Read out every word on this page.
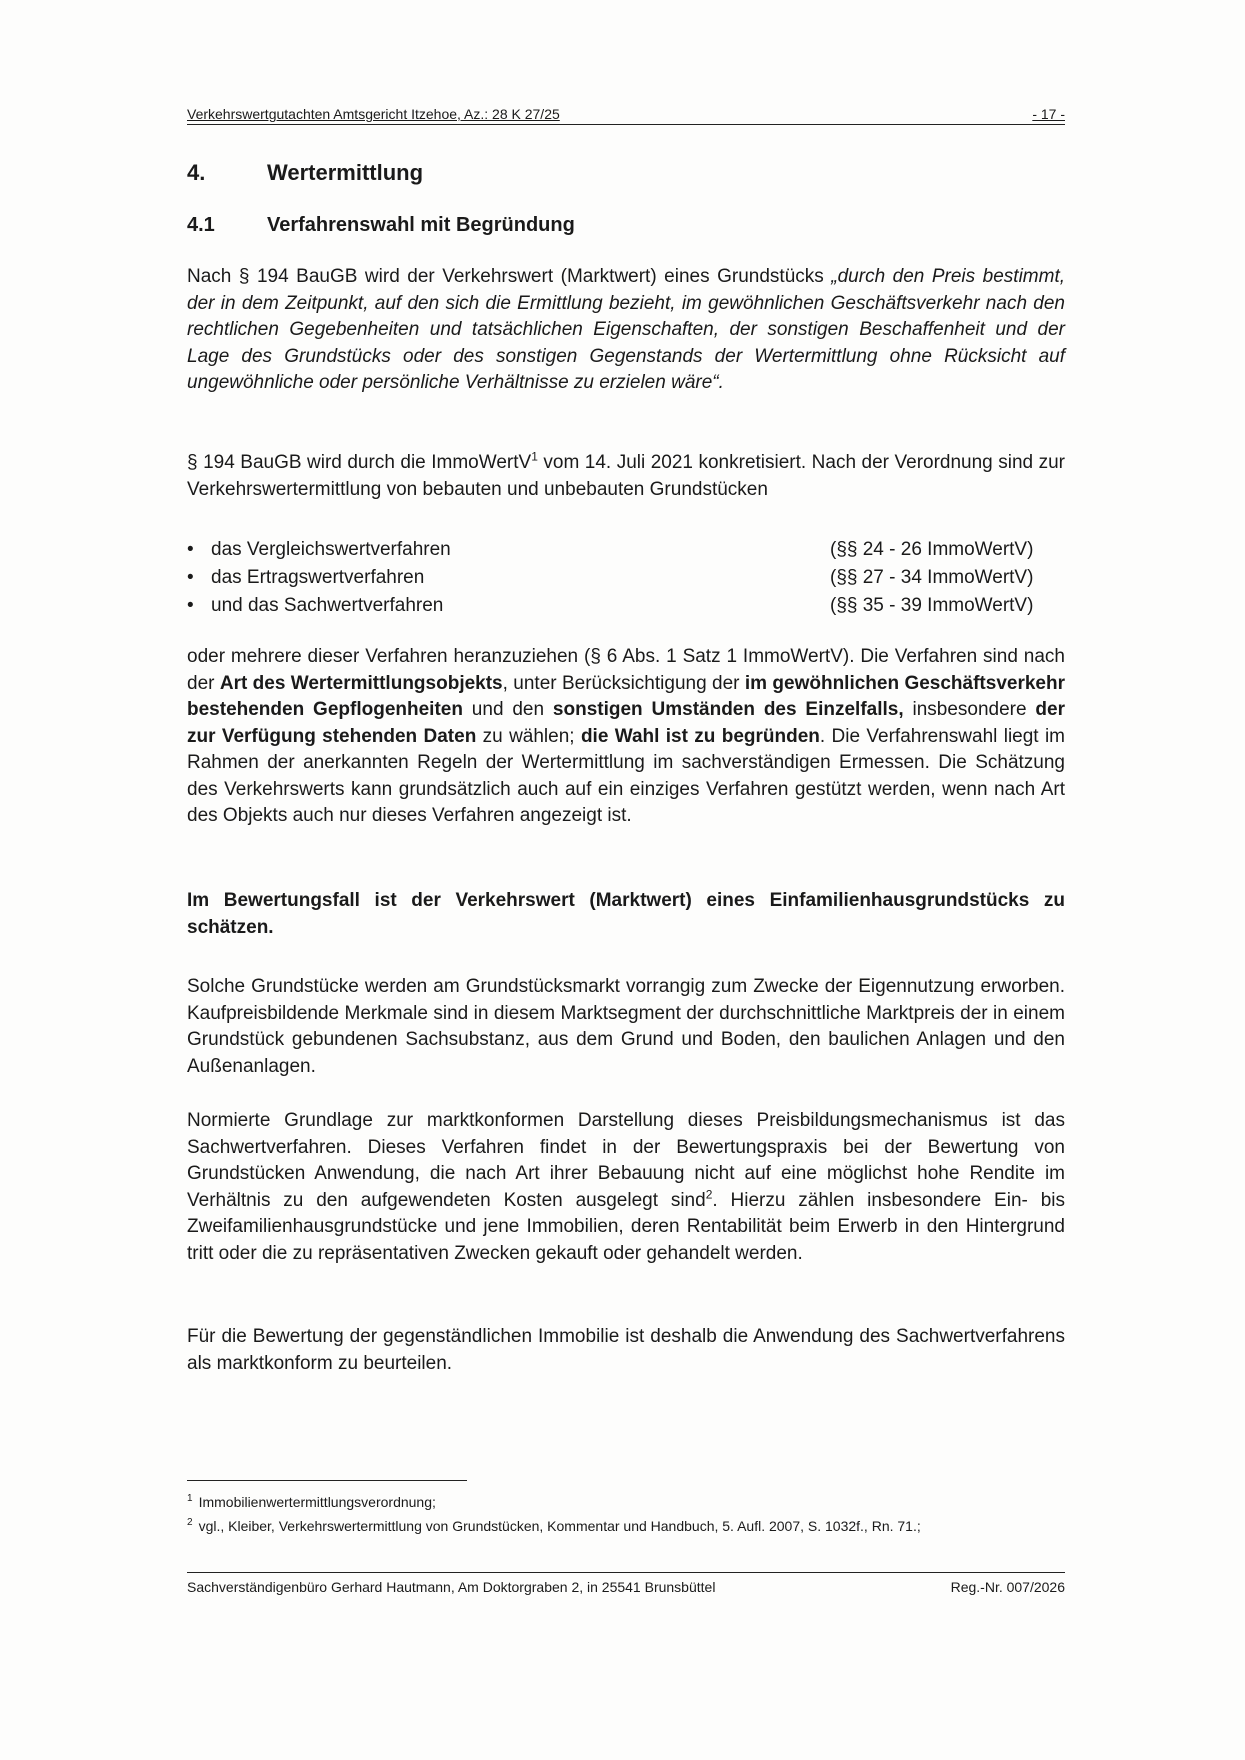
Verkehrswertgutachten Amtsgericht Itzehoe, Az.: 28 K 27/25	- 17 -
4.	Wertermittlung
4.1	Verfahrenswahl mit Begründung

Nach § 194 BauGB wird der Verkehrswert (Marktwert) eines Grundstücks „durch den Preis bestimmt, der in dem Zeitpunkt, auf den sich die Ermittlung bezieht, im gewöhnlichen Geschäftsverkehr nach den rechtlichen Gegebenheiten und tatsächlichen Eigenschaften, der sonstigen Beschaffenheit und der Lage des Grundstücks oder des sonstigen Gegenstands der Wertermittlung ohne Rücksicht auf ungewöhnliche oder persönliche Verhältnisse zu erzielen wäre“.

§ 194 BauGB wird durch die ImmoWertV$^1$ vom 14. Juli 2021 konkretisiert. Nach der Verordnung sind zur Verkehrswertermittlung von bebauten und unbebauten Grundstücken

• das Vergleichswertverfahren	(§§ 24 - 26 ImmoWertV)
• das Ertragswertverfahren	(§§ 27 - 34 ImmoWertV)
• und das Sachwertverfahren	(§§ 35 - 39 ImmoWertV)

oder mehrere dieser Verfahren heranzuziehen (§ 6 Abs. 1 Satz 1 ImmoWertV). Die Verfahren sind nach der Art des Wertermittlungsobjekts, unter Berücksichtigung der im gewöhnlichen Geschäftsverkehr bestehenden Gepflogenheiten und den sonstigen Umständen des Einzelfalls, insbesondere der zur Verfügung stehenden Daten zu wählen; die Wahl ist zu begründen. Die Verfahrenswahl liegt im Rahmen der anerkannten Regeln der Wertermittlung im sachverständigen Ermessen. Die Schätzung des Verkehrswerts kann grundsätzlich auch auf ein einziges Verfahren gestützt werden, wenn nach Art des Objekts auch nur dieses Verfahren angezeigt ist.

Im Bewertungsfall ist der Verkehrswert (Marktwert) eines Einfamilienhausgrundstücks zu schätzen.

Solche Grundstücke werden am Grundstücksmarkt vorrangig zum Zwecke der Eigennutzung erworben. Kaufpreisbildende Merkmale sind in diesem Marktsegment der durchschnittliche Marktpreis der in einem Grundstück gebundenen Sachsubstanz, aus dem Grund und Boden, den baulichen Anlagen und den Außenanlagen.

Normierte Grundlage zur marktkonformen Darstellung dieses Preisbildungsmechanismus ist das Sachwertverfahren. Dieses Verfahren findet in der Bewertungspraxis bei der Bewertung von Grundstücken Anwendung, die nach Art ihrer Bebauung nicht auf eine möglichst hohe Rendite im Verhältnis zu den aufgewendeten Kosten ausgelegt sind$^2$. Hierzu zählen insbesondere Ein- bis Zweifamilienhausgrundstücke und jene Immobilien, deren Rentabilität beim Erwerb in den Hintergrund tritt oder die zu repräsentativen Zwecken gekauft oder gehandelt werden.

Für die Bewertung der gegenständlichen Immobilie ist deshalb die Anwendung des Sachwertverfahrens als marktkonform zu beurteilen.

$^1$ Immobilienwertermittlungsverordnung;
$^2$ vgl., Kleiber, Verkehrswertermittlung von Grundstücken, Kommentar und Handbuch, 5. Aufl. 2007, S. 1032f., Rn. 71.;
Sachverständigenbüro Gerhard Hautmann, Am Doktorgraben 2, in 25541 Brunsbüttel	Reg.-Nr. 007/2026
